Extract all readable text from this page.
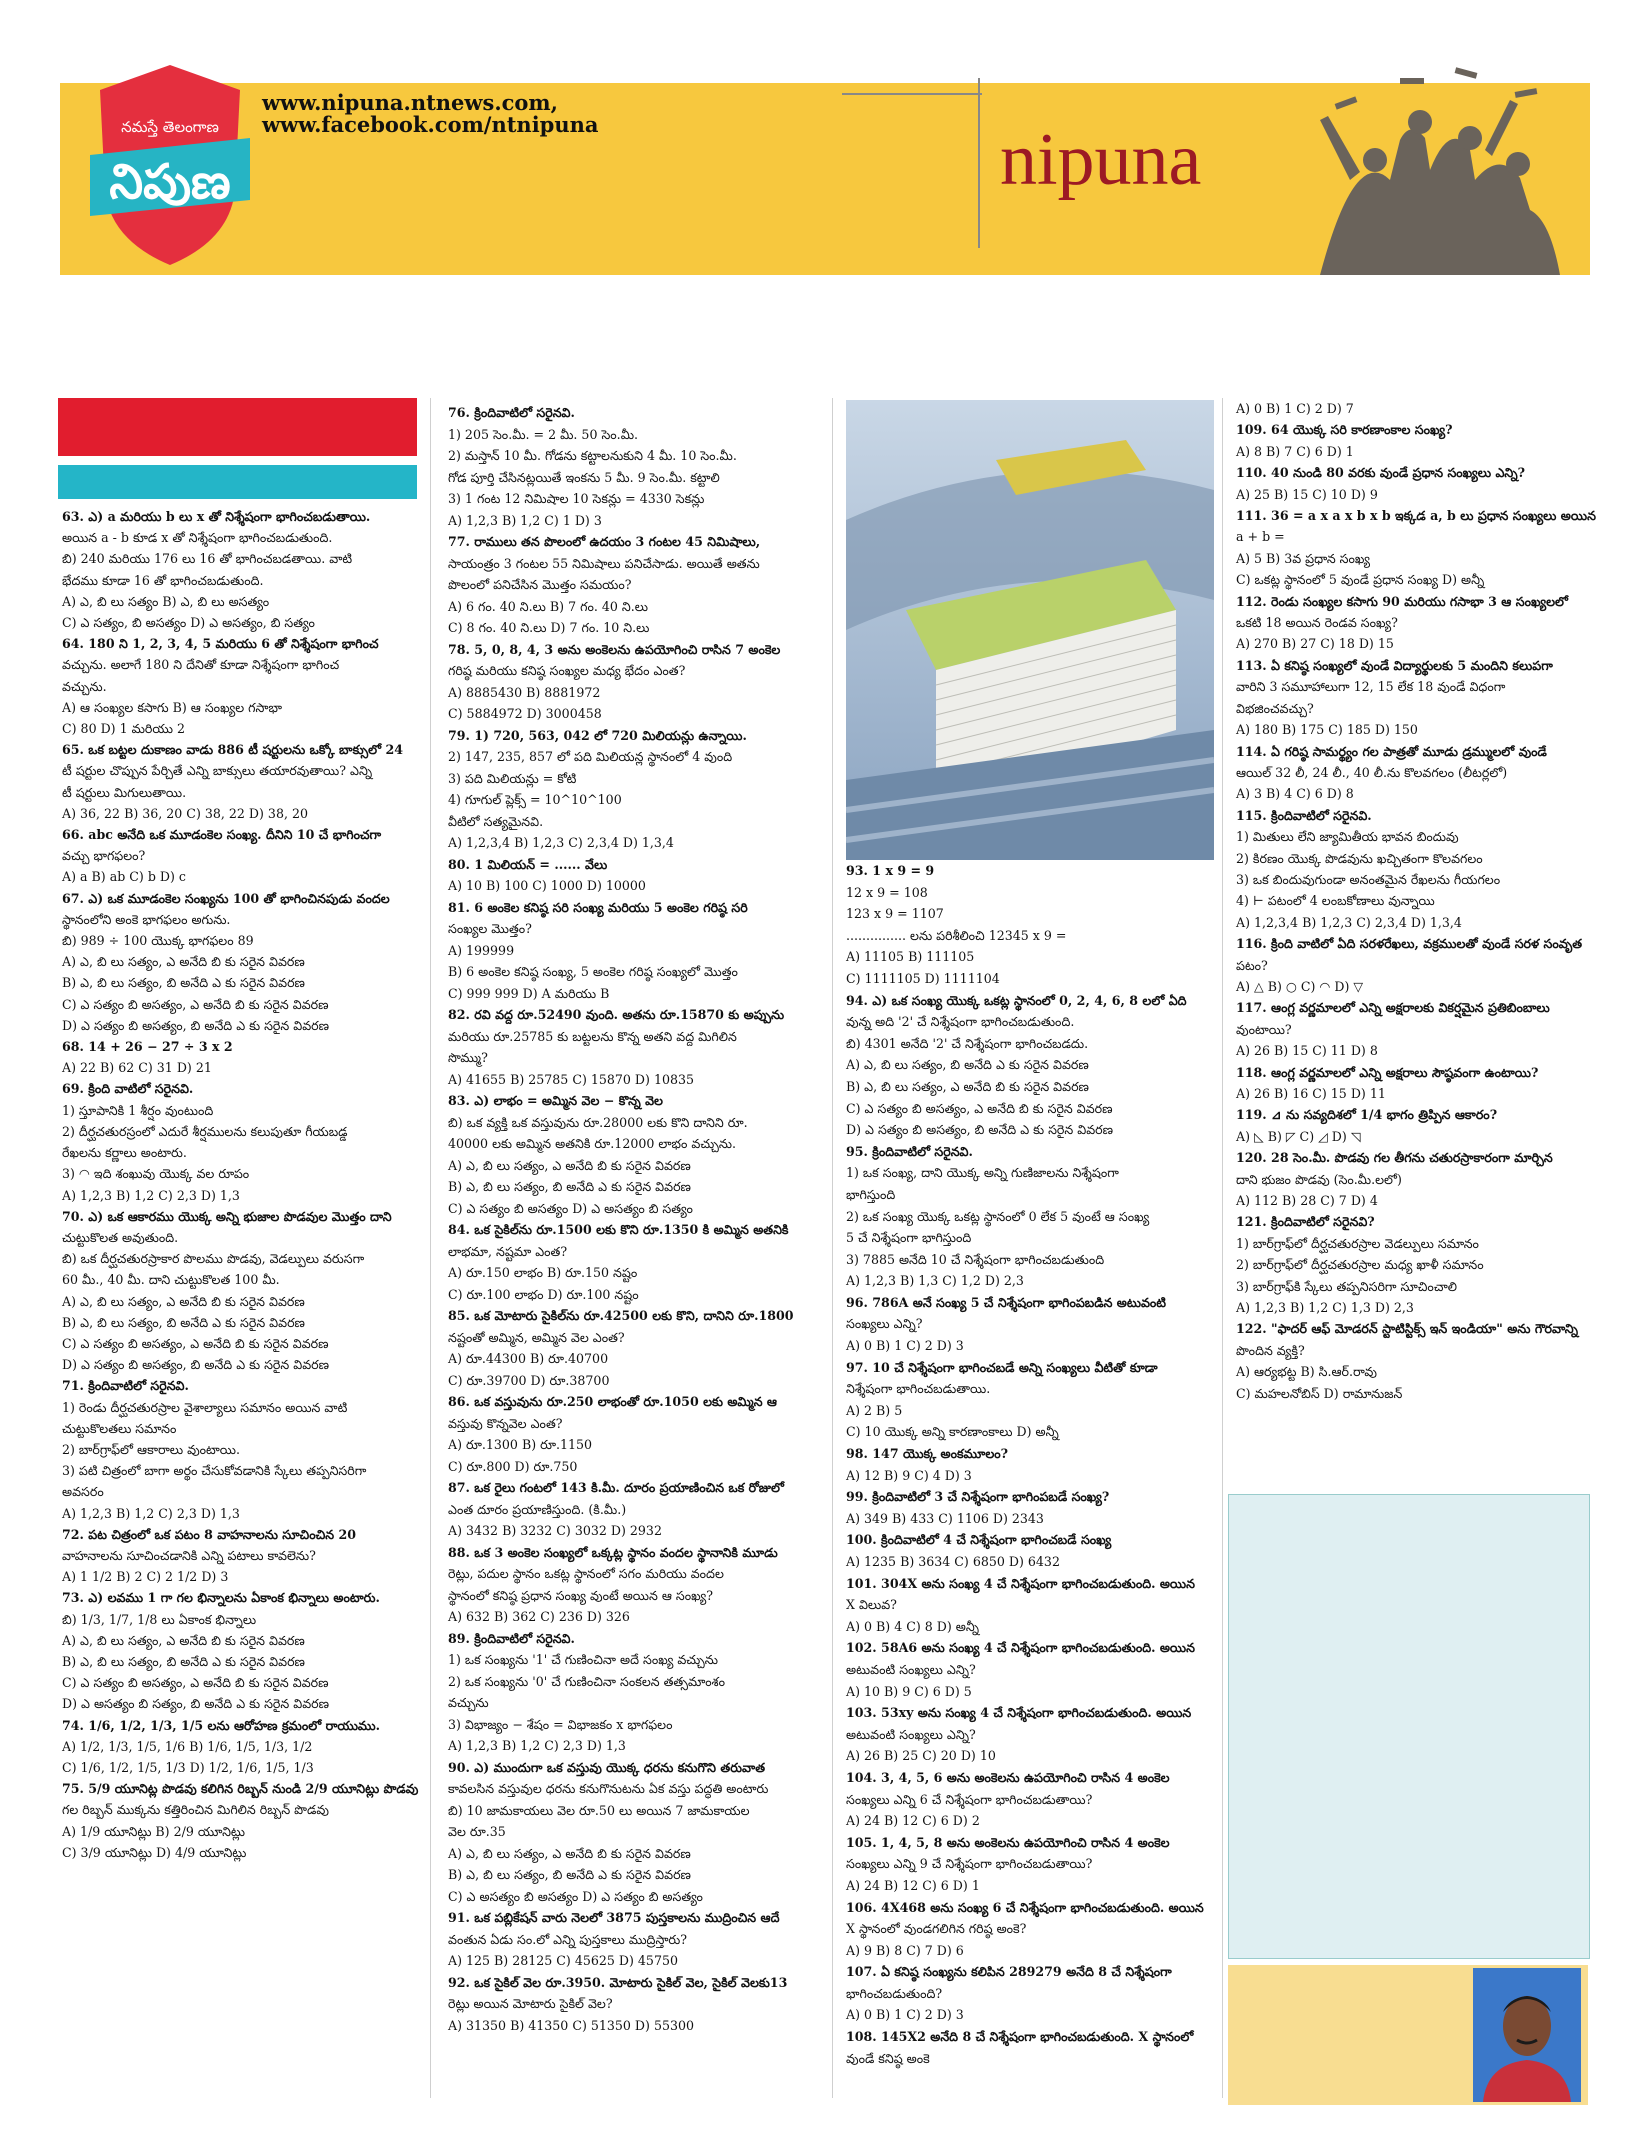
నమస్తే తెలంగాణ
నిపుణ
www.nipuna.ntnews.com,
www.facebook.com/ntnipuna	nipuna

63. ఎ) a మరియు b లు x తో నిశ్శేషంగా భాగించబడుతాయి.

అయిన a - b కూడ x తో నిశ్శేషంగా భాగించబడుతుంది.

బి) 240 మరియు 176 లు 16 తో భాగించబడతాయి. వాటి

భేదము కూడా 16 తో భాగించబడుతుంది.

A) ఎ, బి లు సత్యం B) ఎ, బి లు అసత్యం

C) ఎ సత్యం, బి అసత్యం D) ఎ అసత్యం, బి సత్యం

64. 180 ని 1, 2, 3, 4, 5 మరియు 6 తో నిశ్శేషంగా భాగించ

వచ్చును. అలాగే 180 ని దేనితో కూడా నిశ్శేషంగా భాగించ

వచ్చును.

A) ఆ సంఖ్యల కసాగు B) ఆ సంఖ్యల గసాభా

C) 80 D) 1 మరియు 2

65. ఒక బట్టల దుకాణం వాడు 886 టీ షర్టులను ఒక్కో బాక్సులో 24

టీ షర్టుల చొప్పున పేర్చితే ఎన్ని బాక్సులు తయారవుతాయి? ఎన్ని

టీ షర్టులు మిగులుతాయి.

A) 36, 22 B) 36, 20 C) 38, 22 D) 38, 20

66. abc అనేది ఒక మూడంకెల సంఖ్య. దీనిని 10 చే భాగించగా

వచ్చు భాగఫలం?

A) a B) ab C) b D) c

67. ఎ) ఒక మూడంకెల సంఖ్యను 100 తో భాగించినపుడు వందల

స్థానంలోని అంకె భాగఫలం అగును.

బి) 989 ÷ 100 యొక్క భాగఫలం 89

A) ఎ, బి లు సత్యం, ఎ అనేది బి కు సరైన వివరణ

B) ఎ, బి లు సత్యం, బి అనేది ఎ కు సరైన వివరణ

C) ఎ సత్యం బి అసత్యం, ఎ అనేది బి కు సరైన వివరణ

D) ఎ సత్యం బి అసత్యం, బి అనేది ఎ కు సరైన వివరణ

68. 14 + 26 − 27 ÷ 3 x 2

A) 22 B) 62 C) 31 D) 21

69. క్రింది వాటిలో సరైనవి.

1) స్తూపానికి 1 శీర్షం వుంటుంది

2) దీర్ఘచతురస్రంలో ఎదురే శీర్షములను కలుపుతూ గీయబడ్డ

రేఖలను కర్ణాలు అంటారు.

3) ◠ ఇది శంఖువు యొక్క వల రూపం

A) 1,2,3 B) 1,2 C) 2,3 D) 1,3

70. ఎ) ఒక ఆకారము యొక్క అన్ని భుజాల పొడవుల మొత్తం దాని

చుట్టుకొలత అవుతుంది.

బి) ఒక దీర్ఘచతురస్రాకార పొలము పొడవు, వెడల్పులు వరుసగా

60 మీ., 40 మీ. దాని చుట్టుకొలత 100 మీ.

A) ఎ, బి లు సత్యం, ఎ అనేది బి కు సరైన వివరణ

B) ఎ, బి లు సత్యం, బి అనేది ఎ కు సరైన వివరణ

C) ఎ సత్యం బి అసత్యం, ఎ అనేది బి కు సరైన వివరణ

D) ఎ సత్యం బి అసత్యం, బి అనేది ఎ కు సరైన వివరణ

71. క్రిందివాటిలో సరైనవి.

1) రెండు దీర్ఘచతురస్రాల వైశాల్యాలు సమానం అయిన వాటి

చుట్టుకొలతలు సమానం

2) బార్‌గ్రాఫ్‌లో ఆకారాలు వుంటాయి.

3) పటి చిత్రంలో బాగా అర్థం చేసుకోవడానికి స్కేలు తప్పనిసరిగా

అవసరం

A) 1,2,3 B) 1,2 C) 2,3 D) 1,3

72. పట చిత్రంలో ఒక పటం 8 వాహనాలను సూచించిన 20

వాహనాలను సూచించడానికి ఎన్ని పటాలు కావలెను?

A) 1 1/2 B) 2 C) 2 1/2 D) 3

73. ఎ) లవము 1 గా గల భిన్నాలను ఏకాంక భిన్నాలు అంటారు.

బి) 1/3, 1/7, 1/8 లు ఏకాంక భిన్నాలు

A) ఎ, బి లు సత్యం, ఎ అనేది బి కు సరైన వివరణ

B) ఎ, బి లు సత్యం, బి అనేది ఎ కు సరైన వివరణ

C) ఎ సత్యం బి అసత్యం, ఎ అనేది బి కు సరైన వివరణ

D) ఎ అసత్యం బి సత్యం, బి అనేది ఎ కు సరైన వివరణ

74. 1/6, 1/2, 1/3, 1/5 లను ఆరోహణ క్రమంలో రాయుము.

A) 1/2, 1/3, 1/5, 1/6 B) 1/6, 1/5, 1/3, 1/2

C) 1/6, 1/2, 1/5, 1/3 D) 1/2, 1/6, 1/5, 1/3

75. 5/9 యూనిట్ల పొడవు కలిగిన రిబ్బన్ నుండి 2/9 యూనిట్లు పొడవు

గల రిబ్బన్ ముక్కను కత్తిరించిన మిగిలిన రిబ్బన్ పొడవు

A) 1/9 యూనిట్లు B) 2/9 యూనిట్లు

C) 3/9 యూనిట్లు D) 4/9 యూనిట్లు

76. క్రిందివాటిలో సరైనవి.

1) 205 సెం.మీ. = 2 మీ. 50 సెం.మీ.

2) మస్తాన్ 10 మీ. గోడను కట్టాలనుకుని 4 మీ. 10 సెం.మీ.

గోడ పూర్తి చేసినట్లయితే ఇంకను 5 మీ. 9 సెం.మీ. కట్టాలి

3) 1 గంట 12 నిమిషాల 10 సెకన్లు = 4330 సెకన్లు

A) 1,2,3 B) 1,2 C) 1 D) 3

77. రాములు తన పొలంలో ఉదయం 3 గంటల 45 నిమిషాలు,

సాయంత్రం 3 గంటల 55 నిమిషాలు పనిచేసాడు. అయితే అతను

పొలంలో పనిచేసిన మొత్తం సమయం?

A) 6 గం. 40 ని.లు B) 7 గం. 40 ని.లు

C) 8 గం. 40 ని.లు D) 7 గం. 10 ని.లు

78. 5, 0, 8, 4, 3 అను అంకెలను ఉపయోగించి రాసిన 7 అంకెల

గరిష్ఠ మరియు కనిష్ఠ సంఖ్యల మధ్య భేదం ఎంత?

A) 8885430 B) 8881972

C) 5884972 D) 3000458

79. 1) 720, 563, 042 లో 720 మిలియన్లు ఉన్నాయి.

2) 147, 235, 857 లో పది మిలియన్ల స్థానంలో 4 వుంది

3) పది మిలియన్లు = కోటి

4) గూగుల్ ప్లెక్స్ = 10^10^100

వీటిలో సత్యమైనవి.

A) 1,2,3,4 B) 1,2,3 C) 2,3,4 D) 1,3,4

80. 1 మిలియన్ = ...... వేలు

A) 10 B) 100 C) 1000 D) 10000

81. 6 అంకెల కనిష్ఠ సరి సంఖ్య మరియు 5 అంకెల గరిష్ఠ సరి

సంఖ్యల మొత్తం?

A) 199999

B) 6 అంకెల కనిష్ఠ సంఖ్య, 5 అంకెల గరిష్ఠ సంఖ్యలో మొత్తం

C) 999 999 D) A మరియు B

82. రవి వద్ద రూ.52490 వుంది. అతను రూ.15870 కు అప్పును

మరియు రూ.25785 కు బట్టలను కొన్న అతని వద్ద మిగిలిన

సొమ్ము?

A) 41655 B) 25785 C) 15870 D) 10835

83. ఎ) లాభం = అమ్మిన వెల − కొన్న వెల

బి) ఒక వ్యక్తి ఒక వస్తువును రూ.28000 లకు కొని దానిని రూ.

40000 లకు అమ్మిన అతనికి రూ.12000 లాభం వచ్చును.

A) ఎ, బి లు సత్యం, ఎ అనేది బి కు సరైన వివరణ

B) ఎ, బి లు సత్యం, బి అనేది ఎ కు సరైన వివరణ

C) ఎ సత్యం బి అసత్యం D) ఎ అసత్యం బి సత్యం

84. ఒక సైకిల్‌ను రూ.1500 లకు కొని రూ.1350 కి అమ్మిన అతనికి

లాభమా, నష్టమా ఎంత?

A) రూ.150 లాభం B) రూ.150 నష్టం

C) రూ.100 లాభం D) రూ.100 నష్టం

85. ఒక మోటారు సైకిల్‌ను రూ.42500 లకు కొని, దానిని రూ.1800

నష్టంతో అమ్మిన, అమ్మిన వెల ఎంత?

A) రూ.44300 B) రూ.40700

C) రూ.39700 D) రూ.38700

86. ఒక వస్తువును రూ.250 లాభంతో రూ.1050 లకు అమ్మిన ఆ

వస్తువు కొన్నవెల ఎంత?

A) రూ.1300 B) రూ.1150

C) రూ.800 D) రూ.750

87. ఒక రైలు గంటలో 143 కి.మీ. దూరం ప్రయాణించిన ఒక రోజులో

ఎంత దూరం ప్రయాణిస్తుంది. (కి.మీ.)

A) 3432 B) 3232 C) 3032 D) 2932

88. ఒక 3 అంకెల సంఖ్యలో ఒక్కట్ల స్థానం వందల స్థానానికి మూడు

రెట్లు, పదుల స్థానం ఒకట్ల స్థానంలో సగం మరియు వందల

స్థానంలో కనిష్ఠ ప్రధాన సంఖ్య వుంటే అయిన ఆ సంఖ్య?

A) 632 B) 362 C) 236 D) 326

89. క్రిందివాటిలో సరైనవి.

1) ఒక సంఖ్యను '1' చే గుణించినా అదే సంఖ్య వచ్చును

2) ఒక సంఖ్యను '0' చే గుణించినా సంకలన తత్సమాంశం

వచ్చును

3) విభాజ్యం − శేషం = విభాజకం x భాగఫలం

A) 1,2,3 B) 1,2 C) 2,3 D) 1,3

90. ఎ) ముందుగా ఒక వస్తువు యొక్క ధరను కనుగొని తరువాత

కావలసిన వస్తువుల ధరను కనుగొనుటను ఏక వస్తు పద్ధతి అంటారు

బి) 10 జామకాయలు వెల రూ.50 లు అయిన 7 జామకాయల

వెల రూ.35

A) ఎ, బి లు సత్యం, ఎ అనేది బి కు సరైన వివరణ

B) ఎ, బి లు సత్యం, బి అనేది ఎ కు సరైన వివరణ

C) ఎ అసత్యం బి అసత్యం D) ఎ సత్యం బి అసత్యం

91. ఒక పబ్లికేషన్ వారు నెలలో 3875 పుస్తకాలను ముద్రించిన ఆదే

వంతున ఏడు సం.లో ఎన్ని పుస్తకాలు ముద్రిస్తారు?

A) 125 B) 28125 C) 45625 D) 45750

92. ఒక సైకిల్ వెల రూ.3950. మోటారు సైకిల్ వెల, సైకిల్ వెలకు13

రెట్లు అయిన మోటారు సైకిల్ వెల?

A) 31350 B) 41350 C) 51350 D) 55300

93. 1 x 9 = 9

12 x 9 = 108

123 x 9 = 1107

............... లను పరిశీలించి 12345 x 9 =

A) 11105 B) 111105

C) 1111105 D) 1111104

94. ఎ) ఒక సంఖ్య యొక్క ఒకట్ల స్థానంలో 0, 2, 4, 6, 8 లలో ఏది

వున్న అది '2' చే నిశ్శేషంగా భాగించబడుతుంది.

బి) 4301 అనేది '2' చే నిశ్శేషంగా భాగించబడదు.

A) ఎ, బి లు సత్యం, బి అనేది ఎ కు సరైన వివరణ

B) ఎ, బి లు సత్యం, ఎ అనేది బి కు సరైన వివరణ

C) ఎ సత్యం బి అసత్యం, ఎ అనేది బి కు సరైన వివరణ

D) ఎ సత్యం బి అసత్యం, బి అనేది ఎ కు సరైన వివరణ

95. క్రిందివాటిలో సరైనవి.

1) ఒక సంఖ్య, దాని యొక్క అన్ని గుణిజాలను నిశ్శేషంగా

భాగిస్తుంది

2) ఒక సంఖ్య యొక్క ఒకట్ల స్థానంలో 0 లేక 5 వుంటే ఆ సంఖ్య

5 చే నిశ్శేషంగా భాగిస్తుంది

3) 7885 అనేది 10 చే నిశ్శేషంగా భాగించబడుతుంది

A) 1,2,3 B) 1,3 C) 1,2 D) 2,3

96. 786A అనే సంఖ్య 5 చే నిశ్శేషంగా భాగింపబడిన అటువంటి

సంఖ్యలు ఎన్ని?

A) 0 B) 1 C) 2 D) 3

97. 10 చే నిశ్శేషంగా భాగించబడే అన్ని సంఖ్యలు వీటితో కూడా

నిశ్శేషంగా భాగించబడుతాయి.

A) 2 B) 5

C) 10 యొక్క అన్ని కారణాంకాలు D) అన్నీ

98. 147 యొక్క అంకమూలం?

A) 12 B) 9 C) 4 D) 3

99. క్రిందివాటిలో 3 చే నిశ్శేషంగా భాగింపబడే సంఖ్య?

A) 349 B) 433 C) 1106 D) 2343

100. క్రిందివాటిలో 4 చే నిశ్శేషంగా భాగించబడే సంఖ్య

A) 1235 B) 3634 C) 6850 D) 6432

101. 304X అను సంఖ్య 4 చే నిశ్శేషంగా భాగించబడుతుంది. అయిన

X విలువ?

A) 0 B) 4 C) 8 D) అన్నీ

102. 58A6 అను సంఖ్య 4 చే నిశ్శేషంగా భాగించబడుతుంది. అయిన

అటువంటి సంఖ్యలు ఎన్ని?

A) 10 B) 9 C) 6 D) 5

103. 53xy అను సంఖ్య 4 చే నిశ్శేషంగా భాగించబడుతుంది. అయిన

అటువంటి సంఖ్యలు ఎన్ని?

A) 26 B) 25 C) 20 D) 10

104. 3, 4, 5, 6 అను అంకెలను ఉపయోగించి రాసిన 4 అంకెల

సంఖ్యలు ఎన్ని 6 చే నిశ్శేషంగా భాగించబడుతాయి?

A) 24 B) 12 C) 6 D) 2

105. 1, 4, 5, 8 అను అంకెలను ఉపయోగించి రాసిన 4 అంకెల

సంఖ్యలు ఎన్ని 9 చే నిశ్శేషంగా భాగించబడుతాయి?

A) 24 B) 12 C) 6 D) 1

106. 4X468 అను సంఖ్య 6 చే నిశ్శేషంగా భాగించబడుతుంది. అయిన

X స్థానంలో వుండగలిగిన గరిష్ఠ అంకె?

A) 9 B) 8 C) 7 D) 6

107. ఏ కనిష్ఠ సంఖ్యను కలిపిన 289279 అనేది 8 చే నిశ్శేషంగా

భాగించబడుతుంది?

A) 0 B) 1 C) 2 D) 3

108. 145X2 అనేది 8 చే నిశ్శేషంగా భాగించబడుతుంది. X స్థానంలో

వుండే కనిష్ఠ అంకె

A) 0 B) 1 C) 2 D) 7

109. 64 యొక్క సరి కారణాంకాల సంఖ్య?

A) 8 B) 7 C) 6 D) 1

110. 40 నుండి 80 వరకు వుండే ప్రధాన సంఖ్యలు ఎన్ని?

A) 25 B) 15 C) 10 D) 9

111. 36 = a x a x b x b ఇక్కడ a, b లు ప్రధాన సంఖ్యలు అయిన

a + b =

A) 5 B) 3వ ప్రధాన సంఖ్య

C) ఒకట్ల స్థానంలో 5 వుండే ప్రధాన సంఖ్య D) అన్నీ

112. రెండు సంఖ్యల కసాగు 90 మరియు గసాభా 3 ఆ సంఖ్యలలో

ఒకటి 18 అయిన రెండవ సంఖ్య?

A) 270 B) 27 C) 18 D) 15

113. ఏ కనిష్ఠ సంఖ్యలో వుండే విద్యార్థులకు 5 మందిని కలుపగా

వారిని 3 సమూహాలుగా 12, 15 లేక 18 వుండే విధంగా

విభజించవచ్చు?

A) 180 B) 175 C) 185 D) 150

114. ఏ గరిష్ఠ సామర్థ్యం గల పాత్రతో మూడు డ్రమ్ములలో వుండే

ఆయిల్ 32 లీ, 24 లీ., 40 లీ.ను కొలవగలం (లీటర్లలో)

A) 3 B) 4 C) 6 D) 8

115. క్రిందివాటిలో సరైనవి.

1) మితులు లేని జ్యామితీయ భావన బిందువు

2) కిరణం యొక్క పొడవును ఖచ్చితంగా కొలవగలం

3) ఒక బిందువుగుండా అనంతమైన రేఖలను గీయగలం

4) ⊢ పటంలో 4 లంబకోణాలు వున్నాయి

A) 1,2,3,4 B) 1,2,3 C) 2,3,4 D) 1,3,4

116. క్రింది వాటిలో ఏది సరళరేఖలు, వక్రములతో వుండే సరళ సంవృత

పటం?

A) △ B) ○ C) ◠ D) ▽

117. ఆంగ్ల వర్ణమాలలో ఎన్ని అక్షరాలకు వికర్షమైన ప్రతిబింబాలు

వుంటాయి?

A) 26 B) 15 C) 11 D) 8

118. ఆంగ్ల వర్ణమాలలో ఎన్ని అక్షరాలు సౌష్ఠవంగా ఉంటాయి?

A) 26 B) 16 C) 15 D) 11

119. ⊿ ను సవ్యదిశలో 1/4 భాగం త్రిప్పిన ఆకారం?

A) ◺ B) ◸ C) ◿ D) ◹

120. 28 సెం.మీ. పొడవు గల తీగను చతురస్రాకారంగా మార్చిన

దాని భుజం పొడవు (సెం.మీ.లలో)

A) 112 B) 28 C) 7 D) 4

121. క్రిందివాటిలో సరైనవి?

1) బార్‌గ్రాఫ్‌లో దీర్ఘచతురస్రాల వెడల్పులు సమానం

2) బార్‌గ్రాఫ్‌లో దీర్ఘచతురస్రాల మధ్య ఖాళీ సమానం

3) బార్‌గ్రాఫ్‌కి స్కేలు తప్పనిసరిగా సూచించాలి

A) 1,2,3 B) 1,2 C) 1,3 D) 2,3

122. "ఫాదర్ ఆఫ్ మోడరన్ స్టాటిస్టిక్స్ ఇన్ ఇండియా" అను గౌరవాన్ని

పొందిన వ్యక్తి?

A) ఆర్యభట్ట B) సి.ఆర్.రావు

C) మహలనోబిస్ D) రామానుజన్
